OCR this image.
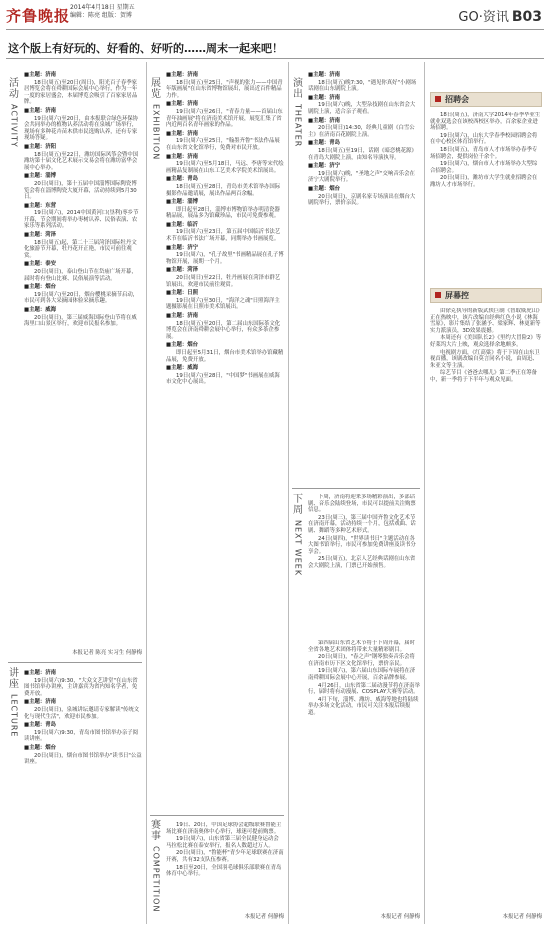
齐鲁晚报 2014年4月18日 星期五
编辑：陈亮 组版：贺博	GO·资讯 B03
这个版上有好玩的、好看的、好听的……周末一起来吧！
活动
ACTIVITY

■主题：济南

18日(周五)至20日(周日)，阳光百子春季家居博览会将在舜耕国际会展中心举行，作为一年一度的家居盛会，本届博览会吸引了百家家居品牌。

■主题：济南

19日(周六)至20日，由本报联合绿色环保协会共同举办的植物认养活动将在泉城广场举行，现场有多种花卉苗木供市民选购认养，还有专家现场答疑。

■主题：济阳

18日(周五)至22日，潍坊国际风筝会暨中国潍坊第十届文化艺术展示交易会将在潍坊富华会展中心举办。

■主题：淄博

20日(周日)，第十五届中国淄博国际陶瓷博览会将在淄博陶瓷大厦开幕，活动持续到5月30日。

■主题：东营

19日(周六)，2014中国黄河口(垦利)枣乡节开幕，节会期间将举办枣树认养、民俗表演、农家乐等系列活动。

■主题：菏泽

18日(周五)起，第二十三届菏泽国际牡丹文化旅游节开幕，牡丹花开正艳，市民可前往观赏。

■主题：泰安

20日(周日)，泰山登山节在岱庙广场开幕，届时将有登山比赛、民俗展演等活动。

■主题：烟台

19日(周六)至20日，烟台樱桃采摘节启动，市民可到各大采摘园体验采摘乐趣。

■主题：威海

20日(周日)，第三届威海国际登山节将在威海里口山景区举行，欢迎市民报名参加。

本报记者 陈亮 实习生 何静梅
讲座
LECTURE

■主题：济南

19日(周六)9:30，"大众文艺讲堂"在山东省图书馆举办讲座，主讲嘉宾为省内知名学者，免费开放。

■主题：济南

20日(周日)，泉城讲坛邀请专家解读"传统文化与现代生活"，欢迎市民参加。

■主题：青岛

19日(周六)9:30，青岛市图书馆举办亲子阅读讲座。

■主题：烟台

20日(周日)，烟台市图书馆举办"读书日"公益讲座。

展览
EXHIBITION

■主题：济南

18日(周五)至25日，"声视的张力——中国青年版画展"在山东省博物馆展出，展出近百件精品力作。

■主题：济南

19日(周六)至26日，"青春力量——首届山东青年油画展"将在济南美术馆开展，展览汇集了省内近两百名青年画家的作品。

■主题：济南

19日(周六)至25日，"翰墨齐鲁"书法作品展在山东省文化馆举行，免费对市民开放。

■主题：济南

19日(周六)至5月18日，马远、李唐等宋代绘画精品复制展在山东工艺美术学院美术馆展出。

■主题：青岛

18日(周五)至28日，青岛市美术馆举办国际摄影作品邀请展，展出作品两百余幅。

■主题：淄博

即日起至28日，淄博市博物馆举办明清瓷器精品展，展品多为馆藏珍品，市民可免费参观。

■主题：临沂

19日(周六)至23日，第五届中国临沂书法艺术节在临沂书法广场开幕，同期举办书画展览。

■主题：济宁

19日(周六)，"孔子故里"书画精品展在孔子博物馆开展，展期一个月。

■主题：菏泽

20日(周日)至22日，牡丹画展在菏泽市群艺馆展出，欢迎市民前往观赏。

■主题：日照

19日(周六)至30日，"海洋之魂"日照海洋主题摄影展在日照市美术馆展出。

■主题：济南

18日(周五)至20日，第二届山东国际茶文化博览会在济南舜耕会展中心举行，有众多茶企参展。

■主题：烟台

即日起至5月31日，烟台市美术馆举办馆藏精品展，免费开放。

■主题：威海

19日(周六)至28日，"中国梦"书画展在威海市文化中心展出。

赛事
COMPETITION

19日、20日，中国足球协会超级联赛鲁能主场比赛在济南奥体中心举行，球迷可提前购票。

19日(周六)，山东省第三届全民健身运动会马拉松比赛在泰安举行，报名人数超过万人。

20日(周日)，"鲁能杯"青少年足球联赛在济南开赛，共有32支队伍参赛。

18日至20日，全国羽毛球俱乐部联赛在青岛体育中心举行。

本报记者 何静梅
演出
THEATER

■主题：济南

18日(周五)晚7:30，"遇见你真好"小剧场话剧在山东剧院上演。

■主题：济南

19日(周六)晚，大型杂技剧在山东省会大剧院上演，适合亲子观看。

■主题：济南

20日(周日)14:30，经典儿童剧《白雪公主》在济南百花剧院上演。

■主题：青岛

18日(周五)至19日，话剧《暗恋桃花源》在青岛大剧院上演，由知名导演执导。

■主题：济宁

19日(周六)晚，"圣地之声"交响音乐会在济宁大剧院举行。

■主题：烟台

20日(周日)，京剧名家专场演出在烟台大剧院举行，票价亲民。

下周
NEXT WEEK

下周，济南将迎来多场精彩演出，多部话剧、音乐会陆续登场，市民可以提前关注购票信息。

23日(周三)，第三届中国齐鲁文化艺术节在济南开幕，活动持续一个月，包括戏曲、话剧、舞蹈等多种艺术形式。

24日(周四)，"世界读书日"主题活动在各大图书馆举行，市民可参加免费讲座及读书分享会。

25日(周五)，北京人艺经典话剧在山东省会大剧院上演，门票已开始预售。

第四届山东省艺术节将于下周开幕，届时全省各地艺术团体将带来大量精彩剧目。

20日(周日)，"春之声"钢琴独奏音乐会将在济南市历下区文化馆举行，票价亲民。

19日(周六)，第六届山东国际车展将在济南舜耕国际会展中心开展，百余品牌参展。

4月26日，山东省第二届动漫节将在济南举行，届时将有动漫展、COSPLAY大赛等活动。

4月下旬，淄博、潍坊、威海等地也将陆续举办多场文化活动，市民可关注本报后续报道。

本报记者 何静梅
招聘会

18日(周五)，济南大学2014年春季毕业生就业双选会在该校西校区举办，百余家企业进场招聘。

19日(周六)，山东大学春季校园招聘会将在中心校区体育馆举行。

18日(周五)，青岛市人才市场举办春季专场招聘会，提供岗位千余个。

19日(周六)，烟台市人才市场举办大型综合招聘会。

20日(周日)，潍坊市大学生就业招聘会在潍坊人才市场举行。

屏幕控

由徐克执导的新版武侠巨制《智取威虎山》正在热映中，该片改编自经典红色小说《林海雪原》，影片集结了张涵予、梁家辉、林更新等实力派演员，3D效果震撼。

本周还有《美国队长2》《里约大冒险2》等好莱坞大片上映，观众选择余地颇多。

电视剧方面，《红高粱》将于下周在山东卫视首播，该剧改编自莫言同名小说，由周迅、朱亚文等主演。

综艺节目《爸爸去哪儿》第二季正在筹备中，新一季将于下半年与观众见面。

本报记者 何静梅
